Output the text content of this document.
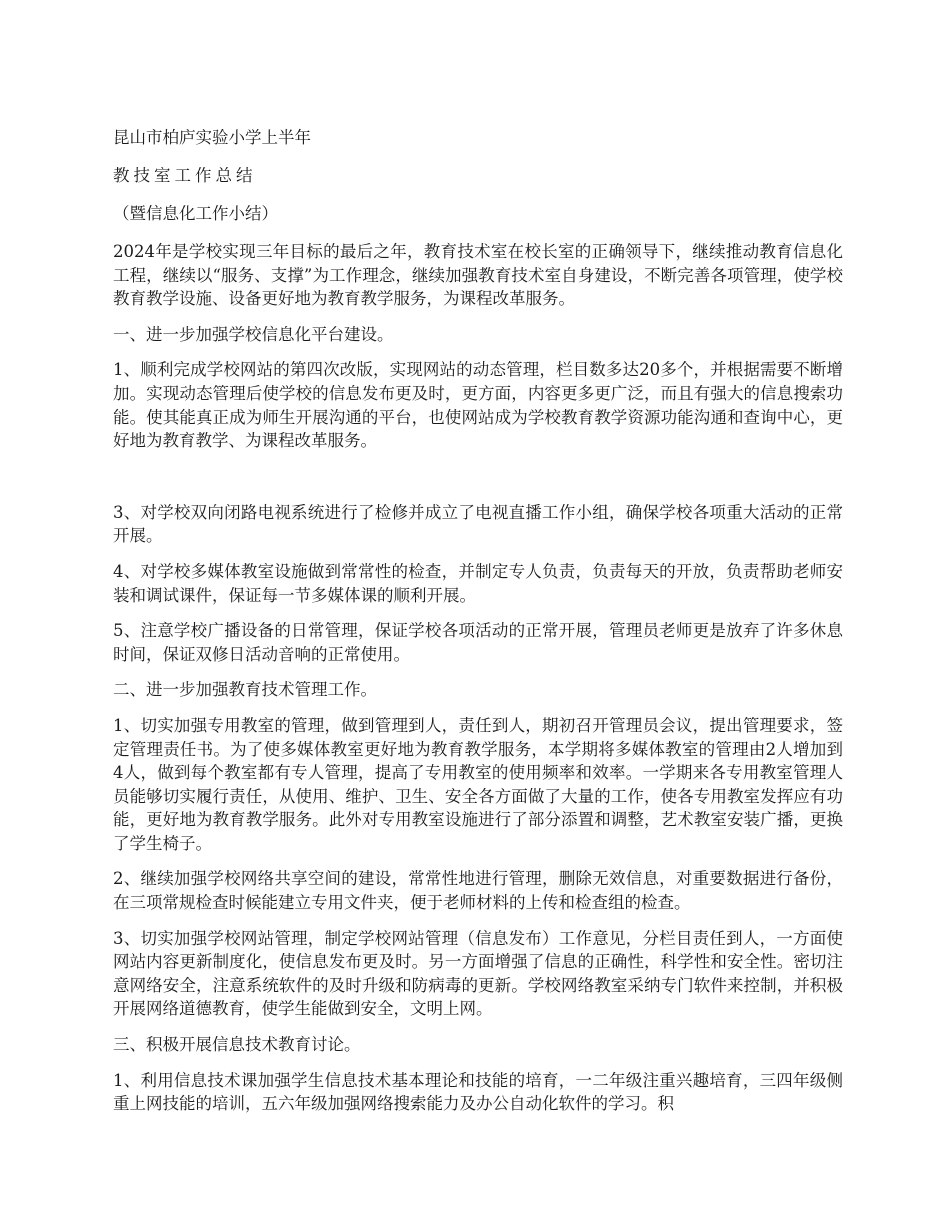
昆山市柏庐实验小学上半年

教技室工作总结

（暨信息化工作小结）

2024年是学校实现三年目标的最后之年，教育技术室在校长室的正确领导下，继续推动教育信息化工程，继续以“服务、支撑”为工作理念，继续加强教育技术室自身建设，不断完善各项管理，使学校教育教学设施、设备更好地为教育教学服务，为课程改革服务。

一、进一步加强学校信息化平台建设。

1、顺利完成学校网站的第四次改版，实现网站的动态管理，栏目数多达20多个，并根据需要不断增加。实现动态管理后使学校的信息发布更及时，更方面，内容更多更广泛，而且有强大的信息搜索功能。使其能真正成为师生开展沟通的平台，也使网站成为学校教育教学资源功能沟通和查询中心，更好地为教育教学、为课程改革服务。

3、对学校双向闭路电视系统进行了检修并成立了电视直播工作小组，确保学校各项重大活动的正常开展。

4、对学校多媒体教室设施做到常常性的检查，并制定专人负责，负责每天的开放，负责帮助老师安装和调试课件，保证每一节多媒体课的顺利开展。

5、注意学校广播设备的日常管理，保证学校各项活动的正常开展，管理员老师更是放弃了许多休息时间，保证双修日活动音响的正常使用。

二、进一步加强教育技术管理工作。

1、切实加强专用教室的管理，做到管理到人，责任到人，期初召开管理员会议，提出管理要求，签定管理责任书。为了使多媒体教室更好地为教育教学服务，本学期将多媒体教室的管理由2人增加到4人，做到每个教室都有专人管理，提高了专用教室的使用频率和效率。一学期来各专用教室管理人员能够切实履行责任，从使用、维护、卫生、安全各方面做了大量的工作，使各专用教室发挥应有功能，更好地为教育教学服务。此外对专用教室设施进行了部分添置和调整，艺术教室安装广播，更换了学生椅子。

2、继续加强学校网络共享空间的建设，常常性地进行管理，删除无效信息，对重要数据进行备份，在三项常规检查时候能建立专用文件夹，便于老师材料的上传和检查组的检查。

3、切实加强学校网站管理，制定学校网站管理（信息发布）工作意见，分栏目责任到人，一方面使网站内容更新制度化，使信息发布更及时。另一方面增强了信息的正确性，科学性和安全性。密切注意网络安全，注意系统软件的及时升级和防病毒的更新。学校网络教室采纳专门软件来控制，并积极开展网络道德教育，使学生能做到安全，文明上网。

三、积极开展信息技术教育讨论。

1、利用信息技术课加强学生信息技术基本理论和技能的培育，一二年级注重兴趣培育，三四年级侧重上网技能的培训，五六年级加强网络搜索能力及办公自动化软件的学习。积
